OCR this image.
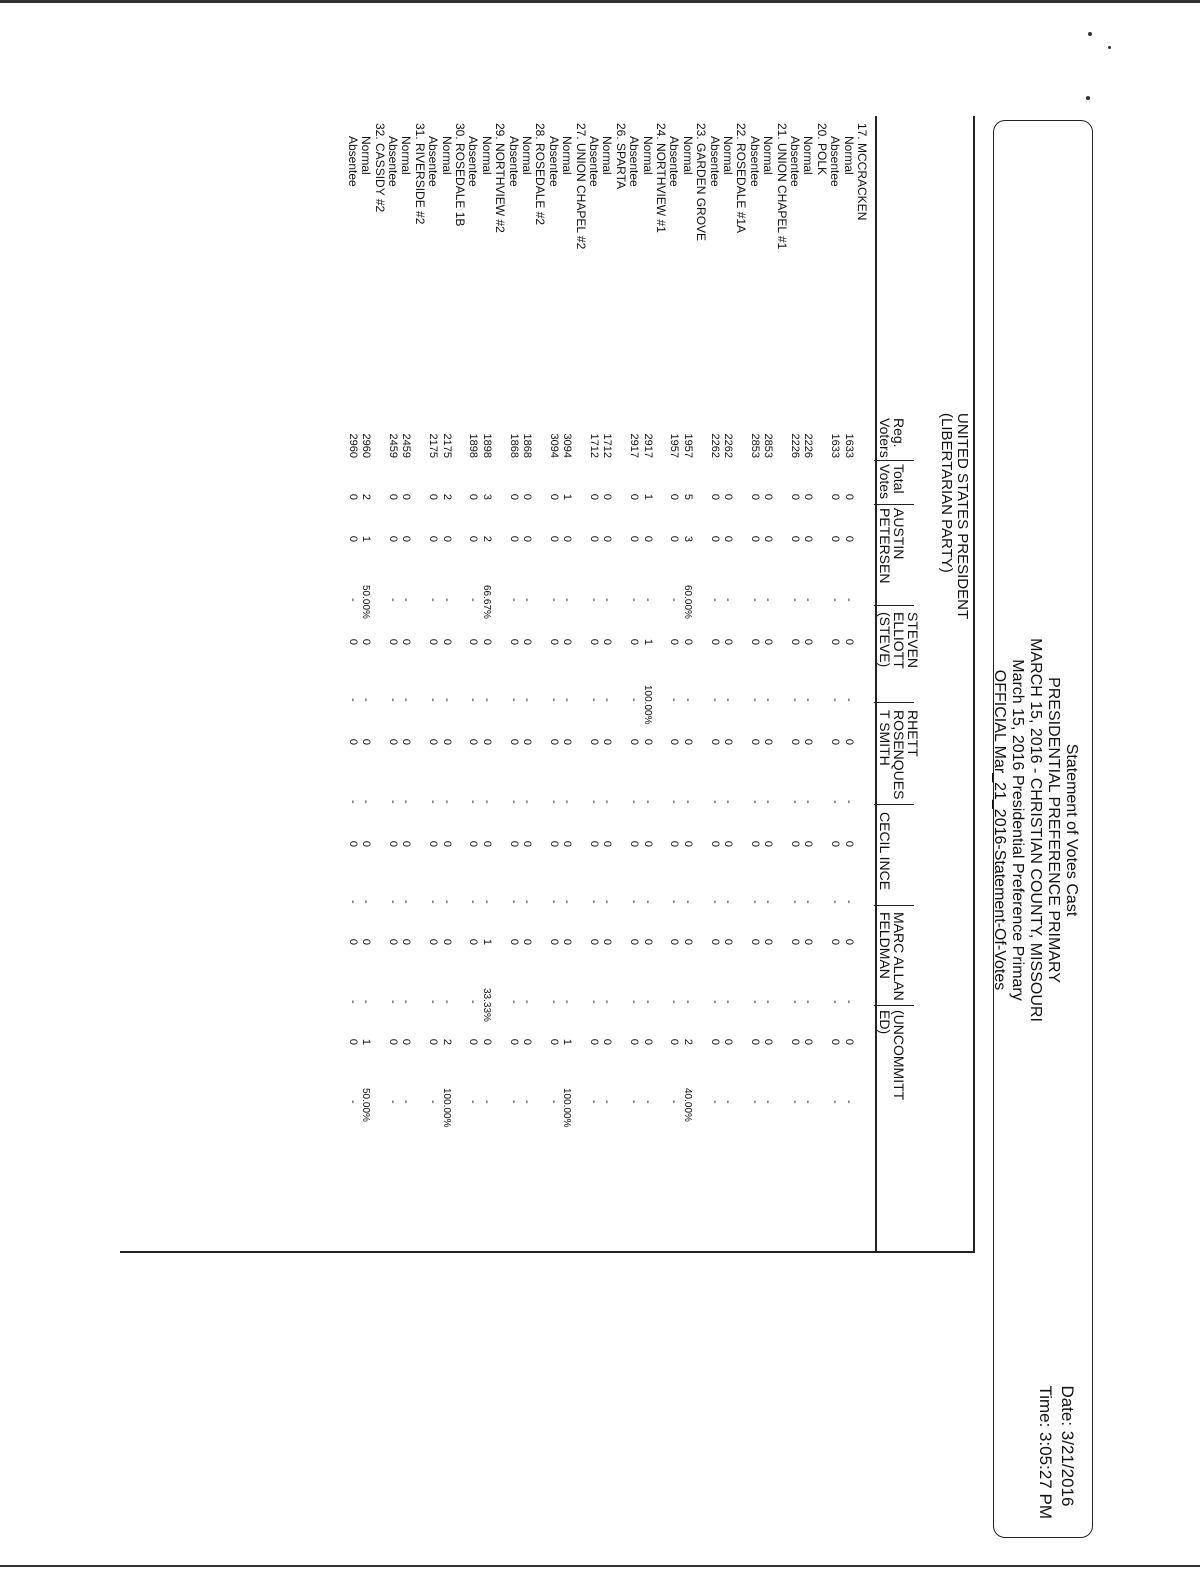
Statement of Votes Cast
PRESIDENTIAL PREFERENCE PRIMARY
MARCH 15, 2016 - CHRISTIAN COUNTY, MISSOURI
March 15, 2016 Presidential Preference Primary
OFFICIAL Mar_21_2016-Statement-Of-Votes
Date: 3/21/2016
Time: 3:05:27 PM
UNITED STATES PRESIDENT
(LIBERTARIAN PARTY)
Reg.
Voters
Total
Votes
AUSTIN
PETERSEN
STEVEN
ELLIOTT
(STEVE)
RHETT
ROSENQUES
T SMITH
CECIL INCE
MARC ALLAN
FELDMAN
(UNCOMMITT
ED)
17. MCCRACKEN
Normal
1633
0
0
-
0
-
0
-
0
-
0
-
0
-
Absentee
1633
0
0
-
0
-
0
-
0
-
0
-
0
-
20. POLK
Normal
2226
0
0
-
0
-
0
-
0
-
0
-
0
-
Absentee
2226
0
0
-
0
-
0
-
0
-
0
-
0
-
21. UNION CHAPEL #1
Normal
2853
0
0
-
0
-
0
-
0
-
0
-
0
-
Absentee
2853
0
0
-
0
-
0
-
0
-
0
-
0
-
22. ROSEDALE #1A
Normal
2262
0
0
-
0
-
0
-
0
-
0
-
0
-
Absentee
2262
0
0
-
0
-
0
-
0
-
0
-
0
-
23. GARDEN GROVE
Normal
1957
5
3
60.00%
0
-
0
-
0
-
0
-
2
40.00%
Absentee
1957
0
0
-
0
-
0
-
0
-
0
-
0
-
24. NORTHVIEW #1
Normal
2917
1
0
-
1
100.00%
0
-
0
-
0
-
0
-
Absentee
2917
0
0
-
0
-
0
-
0
-
0
-
0
-
26. SPARTA
Normal
1712
0
0
-
0
-
0
-
0
-
0
-
0
-
Absentee
1712
0
0
-
0
-
0
-
0
-
0
-
0
-
27. UNION CHAPEL #2
Normal
3094
1
0
-
0
-
0
-
0
-
0
-
1
100.00%
Absentee
3094
0
0
-
0
-
0
-
0
-
0
-
0
-
28. ROSEDALE #2
Normal
1868
0
0
-
0
-
0
-
0
-
0
-
0
-
Absentee
1868
0
0
-
0
-
0
-
0
-
0
-
0
-
29. NORTHVIEW #2
Normal
1898
3
2
66.67%
0
-
0
-
0
-
1
33.33%
0
-
Absentee
1898
0
0
-
0
-
0
-
0
-
0
-
0
-
30. ROSEDALE 1B
Normal
2175
2
0
-
0
-
0
-
0
-
0
-
2
100.00%
Absentee
2175
0
0
-
0
-
0
-
0
-
0
-
0
-
31. RIVERSIDE #2
Normal
2459
0
0
-
0
-
0
-
0
-
0
-
0
-
Absentee
2459
0
0
-
0
-
0
-
0
-
0
-
0
-
32. CASSIDY #2
Normal
2960
2
1
50.00%
0
-
0
-
0
-
0
-
1
50.00%
Absentee
2960
0
0
-
0
-
0
-
0
-
0
-
0
-
